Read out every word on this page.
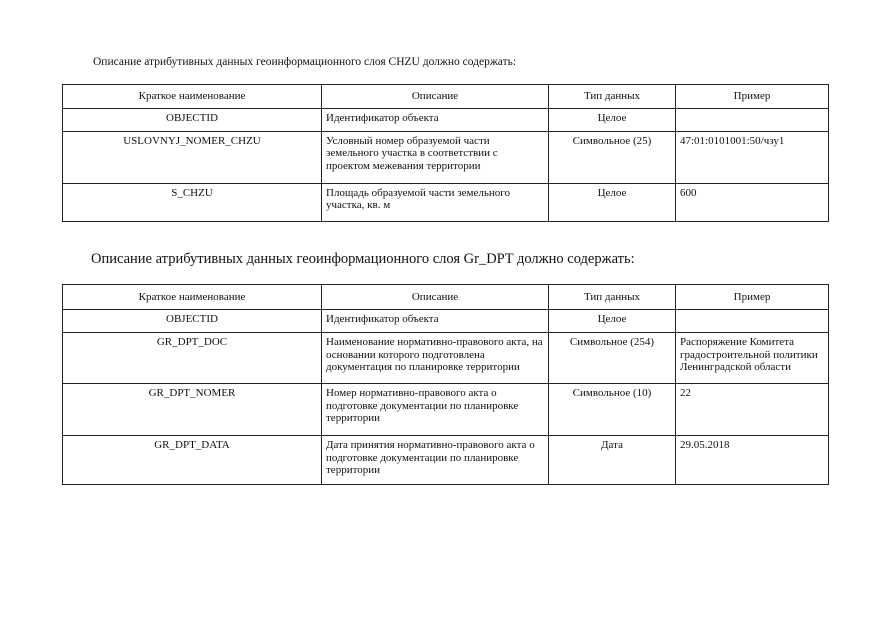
Описание атрибутивных данных геоинформационного слоя CHZU должно содержать:
Краткое наименование	Описание	Тип данных	Пример
OBJECTID	Идентификатор объекта	Целое	
USLOVNYJ_NOMER_CHZU	Условный номер образуемой части земельного участка в соответствии с проектом межевания территории	Символьное (25)	47:01:0101001:50/чзу1
S_CHZU	Площадь образуемой части земельного участка, кв. м	Целое	600
Описание атрибутивных данных геоинформационного слоя Gr_DPT должно содержать:
Краткое наименование	Описание	Тип данных	Пример
OBJECTID	Идентификатор объекта	Целое	
GR_DPT_DOC	Наименование нормативно-правового акта, на основании которого подготовлена документация по планировке территории	Символьное (254)	Распоряжение Комитета градостроительной политики Ленинградской области
GR_DPT_NOMER	Номер нормативно-правового акта о подготовке документации по планировке территории	Символьное (10)	22
GR_DPT_DATA	Дата принятия нормативно-правового акта о подготовке документации по планировке территории	Дата	29.05.2018
